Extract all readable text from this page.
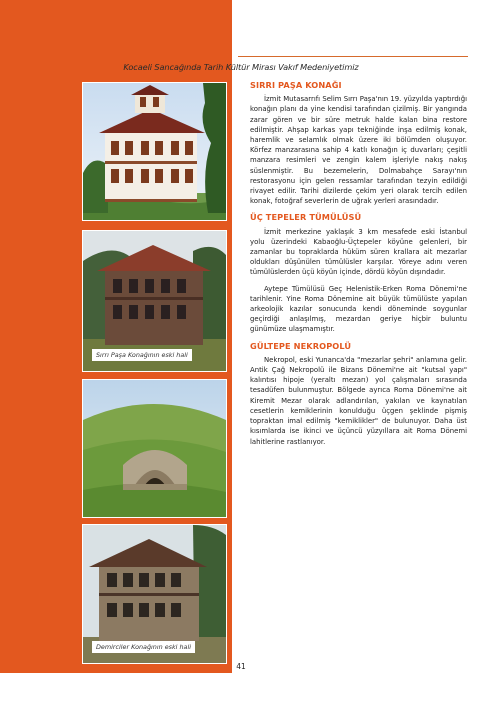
Kocaeli Sancağında Tarih Kültür Mirası Vakıf Medeniyetimiz
Sırrı Paşa Konağının eski hali
Demirciler Konağının eski hali
SIRRI PAŞA KONAĞI

İzmit Mutasarrıfı Selim Sırrı Paşa'nın 19. yüzyılda yaptırdığı konağın planı da yine kendisi tarafından çizilmiş. Bir yangında zarar gören ve bir süre metruk halde kalan bina restore edilmiştir. Ahşap karkas yapı tekniğinde inşa edilmiş konak, haremlik ve selamlık olmak üzere iki bölümden oluşuyor. Körfez manzarasına sahip 4 katlı konağın iç duvarları; çeşitli manzara resimleri ve zengin kalem işleriyle nakış nakış süslenmiştir. Bu bezemelerin, Dolmabahçe Sarayı'nın restorasyonu için gelen ressamlar tarafından tezyin edildiği rivayet edilir. Tarihi dizilerde çekim yeri olarak tercih edilen konak, fotoğraf severlerin de uğrak yerleri arasındadır.

ÜÇ TEPELER TÜMÜLÜSÜ

İzmit merkezine yaklaşık 3 km mesafede eski İstanbul yolu üzerindeki Kabaoğlu-Üçtepeler köyüne gelenleri, bir zamanlar bu topraklarda hüküm süren krallara ait mezarlar oldukları düşünülen tümülüsler karşılar. Yöreye adını veren tümülüslerden üçü köyün içinde, dördü köyün dışındadır.

Aytepe Tümülüsü Geç Helenistik-Erken Roma Dönemi'ne tarihlenir. Yine Roma Dönemine ait büyük tümülüste yapılan arkeolojik kazılar sonucunda kendi döneminde soygunlar geçirdiği anlaşılmış, mezardan geriye hiçbir buluntu günümüze ulaşmamıştır.

GÜLTEPE NEKROPOLÜ

Nekropol, eski Yunanca'da "mezarlar şehri" anlamına gelir. Antik Çağ Nekropolü ile Bizans Dönemi'ne ait "kutsal yapı" kalıntısı hipoje (yeraltı mezarı) yol çalışmaları sırasında tesadüfen bulunmuştur. Bölgede ayrıca Roma Dönemi'ne ait Kiremit Mezar olarak adlandırılan, yakılan ve kaynatılan cesetlerin kemiklerinin konulduğu üçgen şeklinde pişmiş topraktan imal edilmiş "kemiklikler" de bulunuyor. Daha üst kısımlarda ise ikinci ve üçüncü yüzyıllara ait Roma Dönemi lahitlerine rastlanıyor.

41
